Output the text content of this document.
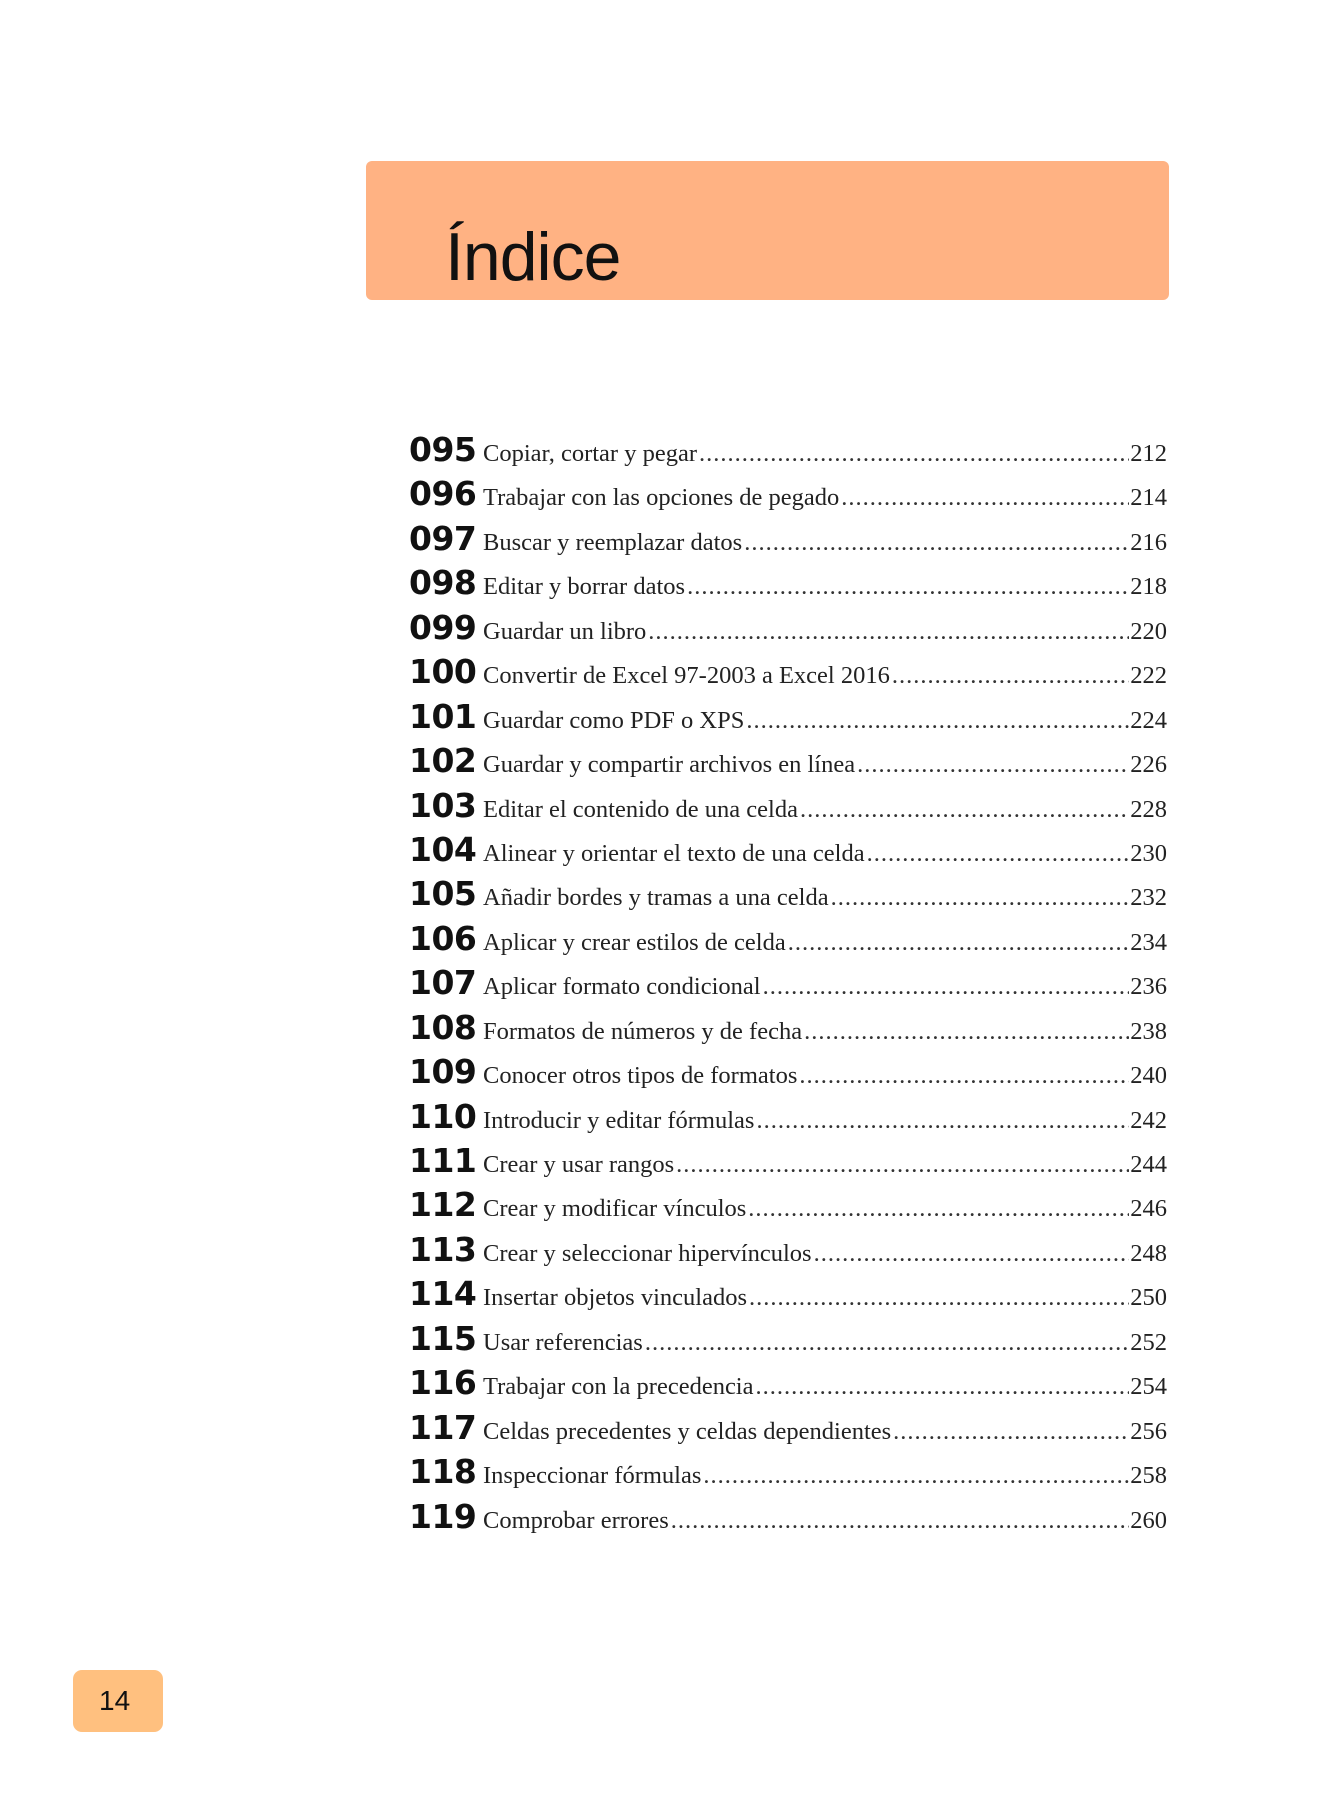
Índice
095 Copiar, cortar y pegar .....	212
096 Trabajar con las opciones de pegado .....	214
097 Buscar y reemplazar datos .....	216
098 Editar y borrar datos .....	218
099 Guardar un libro .....	220
100 Convertir de Excel 97-2003 a Excel 2016 .....	222
101 Guardar como PDF o XPS .....	224
102 Guardar y compartir archivos en línea .....	226
103 Editar el contenido de una celda .....	228
104 Alinear y orientar el texto de una celda .....	230
105 Añadir bordes y tramas a una celda .....	232
106 Aplicar y crear estilos de celda .....	234
107 Aplicar formato condicional .....	236
108 Formatos de números y de fecha .....	238
109 Conocer otros tipos de formatos .....	240
110 Introducir y editar fórmulas .....	242
111 Crear y usar rangos .....	244
112 Crear y modificar vínculos .....	246
113 Crear y seleccionar hipervínculos .....	248
114 Insertar objetos vinculados .....	250
115 Usar referencias .....	252
116 Trabajar con la precedencia .....	254
117 Celdas precedentes y celdas dependientes .....	256
118 Inspeccionar fórmulas .....	258
119 Comprobar errores .....	260
14
